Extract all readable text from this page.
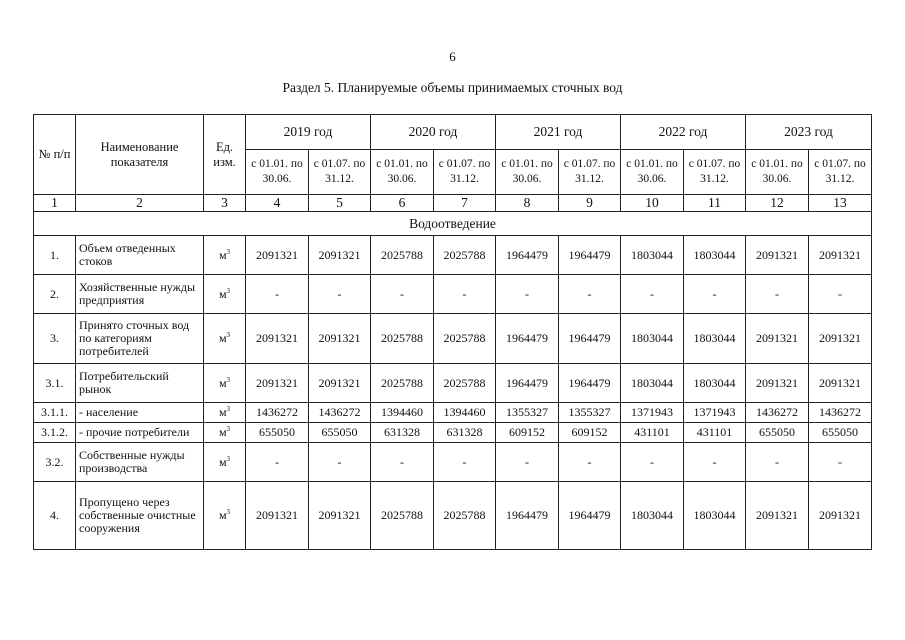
6
Раздел 5. Планируемые объемы принимаемых сточных вод
№ п/п	Наименование показателя	Ед. изм.	2019 год		2020 год		2021 год		2022 год		2023 год	
			с 01.01. по 30.06.	с 01.07. по 31.12.	с 01.01. по 30.06.	с 01.07. по 31.12.	с 01.01. по 30.06.	с 01.07. по 31.12.	с 01.01. по 30.06.	с 01.07. по 31.12.	с 01.01. по 30.06.	с 01.07. по 31.12.
1	2	3	4	5	6	7	8	9	10	11	12	13
Водоотведение												
1.	Объем отведенных стоков	$м^3$	2091321	2091321	2025788	2025788	1964479	1964479	1803044	1803044	2091321	2091321
2.	Хозяйственные нужды предприятия	$м^3$	-	-	-	-	-	-	-	-	-	-
3.	Принято сточных вод по категориям потребителей	$м^3$	2091321	2091321	2025788	2025788	1964479	1964479	1803044	1803044	2091321	2091321
3.1.	Потребительский рынок	$м^3$	2091321	2091321	2025788	2025788	1964479	1964479	1803044	1803044	2091321	2091321
3.1.1.	- население	$м^3$	1436272	1436272	1394460	1394460	1355327	1355327	1371943	1371943	1436272	1436272
3.1.2.	- прочие потребители	$м^3$	655050	655050	631328	631328	609152	609152	431101	431101	655050	655050
3.2.	Собственные нужды производства	$м^3$	-	-	-	-	-	-	-	-	-	-
4.	Пропущено через собственные очистные сооружения	$м^3$	2091321	2091321	2025788	2025788	1964479	1964479	1803044	1803044	2091321	2091321
